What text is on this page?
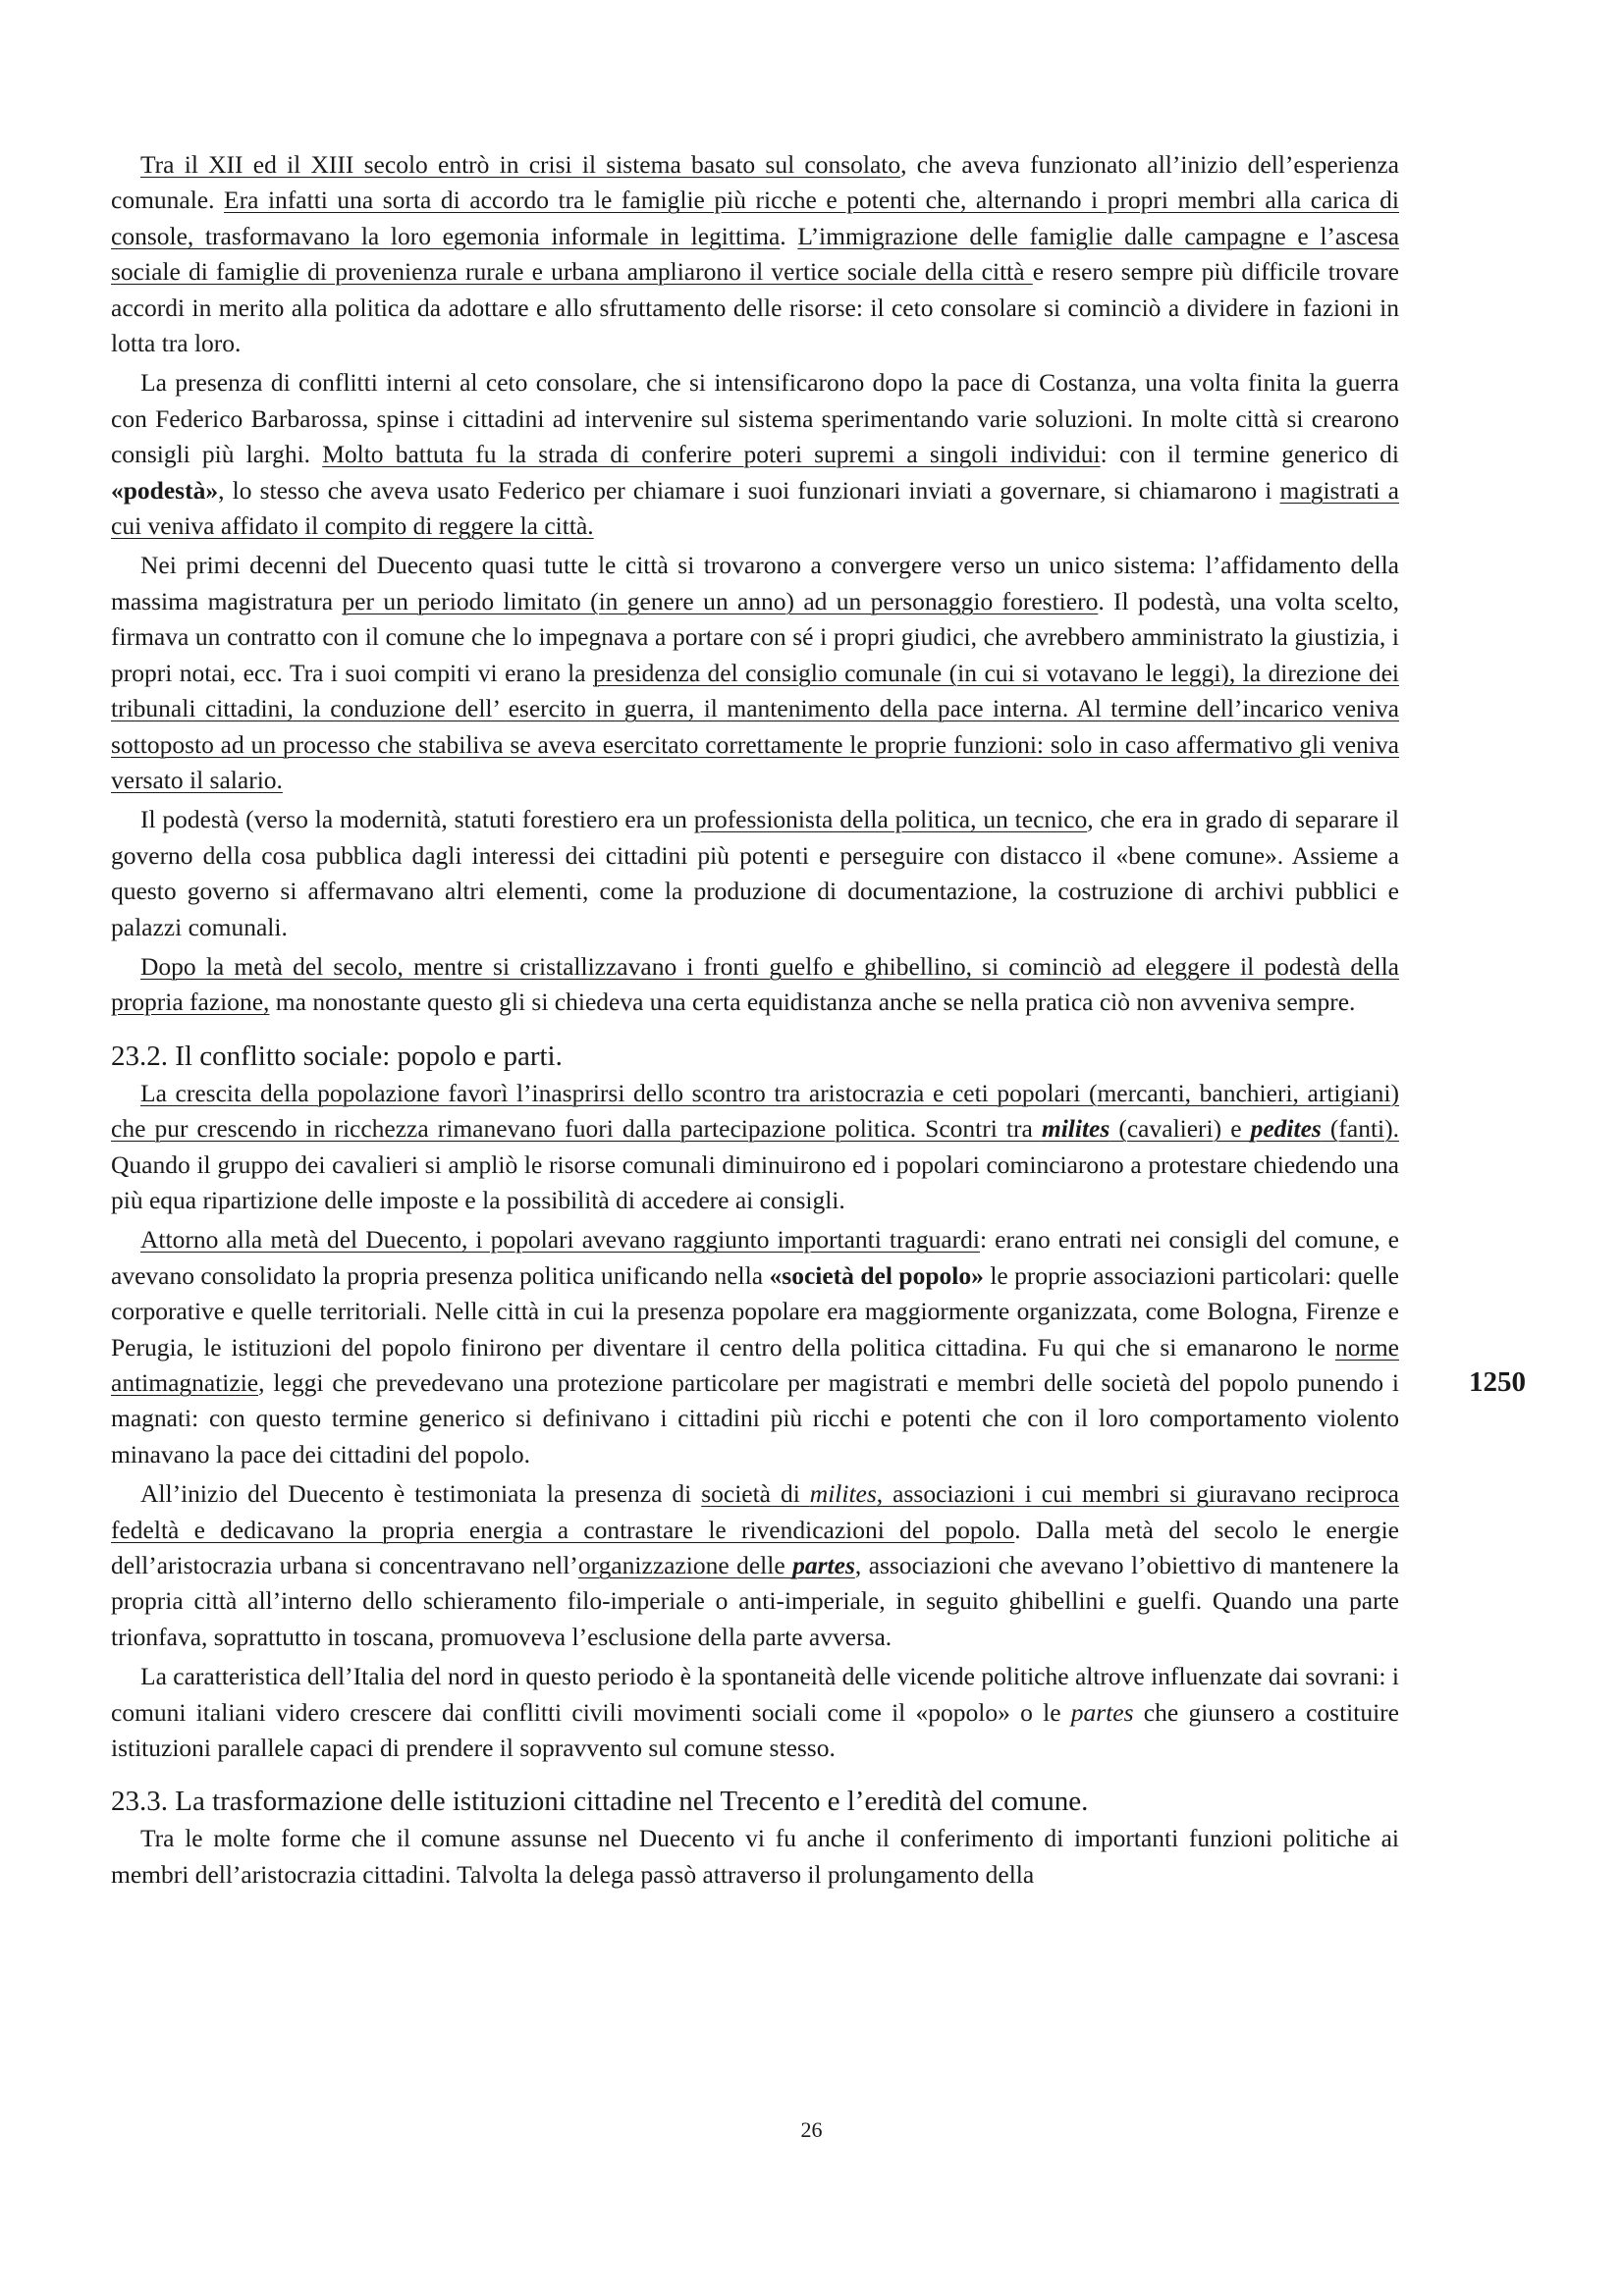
Tra il XII ed il XIII secolo entrò in crisi il sistema basato sul consolato, che aveva funzionato all’inizio dell’esperienza comunale. Era infatti una sorta di accordo tra le famiglie più ricche e potenti che, alternando i propri membri alla carica di console, trasformavano la loro egemonia informale in legittima. L’immigrazione delle famiglie dalle campagne e l’ascesa sociale di famiglie di provenienza rurale e urbana ampliarono il vertice sociale della città e resero sempre più difficile trovare accordi in merito alla politica da adottare e allo sfruttamento delle risorse: il ceto consolare si cominciò a dividere in fazioni in lotta tra loro.

La presenza di conflitti interni al ceto consolare, che si intensificarono dopo la pace di Costanza, una volta finita la guerra con Federico Barbarossa, spinse i cittadini ad intervenire sul sistema sperimentando varie soluzioni. In molte città si crearono consigli più larghi. Molto battuta fu la strada di conferire poteri supremi a singoli individui: con il termine generico di «podestà», lo stesso che aveva usato Federico per chiamare i suoi funzionari inviati a governare, si chiamarono i magistrati a cui veniva affidato il compito di reggere la città.

Nei primi decenni del Duecento quasi tutte le città si trovarono a convergere verso un unico sistema: l’affidamento della massima magistratura per un periodo limitato (in genere un anno) ad un personaggio forestiero. Il podestà, una volta scelto, firmava un contratto con il comune che lo impegnava a portare con sé i propri giudici, che avrebbero amministrato la giustizia, i propri notai, ecc. Tra i suoi compiti vi erano la presidenza del consiglio comunale (in cui si votavano le leggi), la direzione dei tribunali cittadini, la conduzione dell’ esercito in guerra, il mantenimento della pace interna. Al termine dell’incarico veniva sottoposto ad un processo che stabiliva se aveva esercitato correttamente le proprie funzioni: solo in caso affermativo gli veniva versato il salario.

Il podestà (verso la modernità, statuti forestiero era un professionista della politica, un tecnico, che era in grado di separare il governo della cosa pubblica dagli interessi dei cittadini più potenti e perseguire con distacco il «bene comune». Assieme a questo governo si affermavano altri elementi, come la produzione di documentazione, la costruzione di archivi pubblici e palazzi comunali.

Dopo la metà del secolo, mentre si cristallizzavano i fronti guelfo e ghibellino, si cominciò ad eleggere il podestà della propria fazione, ma nonostante questo gli si chiedeva una certa equidistanza anche se nella pratica ciò non avveniva sempre.

23.2. Il conflitto sociale: popolo e parti.

La crescita della popolazione favorì l’inasprirsi dello scontro tra aristocrazia e ceti popolari (mercanti, banchieri, artigiani) che pur crescendo in ricchezza rimanevano fuori dalla partecipazione politica. Scontri tra milites (cavalieri) e pedites (fanti). Quando il gruppo dei cavalieri si ampliò le risorse comunali diminuirono ed i popolari cominciarono a protestare chiedendo una più equa ripartizione delle imposte e la possibilità di accedere ai consigli.

Attorno alla metà del Duecento, i popolari avevano raggiunto importanti traguardi: erano entrati nei consigli del comune, e avevano consolidato la propria presenza politica unificando nella «società del popolo» le proprie associazioni particolari: quelle corporative e quelle territoriali. Nelle città in cui la presenza popolare era maggiormente organizzata, come Bologna, Firenze e Perugia, le istituzioni del popolo finirono per diventare il centro della politica cittadina. Fu qui che si emanarono le norme antimagnatizie, leggi che prevedevano una protezione particolare per magistrati e membri delle società del popolo punendo i magnati: con questo termine generico si definivano i cittadini più ricchi e potenti che con il loro comportamento violento minavano la pace dei cittadini del popolo.

All’inizio del Duecento è testimoniata la presenza di società di milites, associazioni i cui membri si giuravano reciproca fedeltà e dedicavano la propria energia a contrastare le rivendicazioni del popolo. Dalla metà del secolo le energie dell’aristocrazia urbana si concentravano nell’organizzazione delle partes, associazioni che avevano l’obiettivo di mantenere la propria città all’interno dello schieramento filo-imperiale o anti-imperiale, in seguito ghibellini e guelfi. Quando una parte trionfava, soprattutto in toscana, promuoveva l’esclusione della parte avversa.

La caratteristica dell’Italia del nord in questo periodo è la spontaneità delle vicende politiche altrove influenzate dai sovrani: i comuni italiani videro crescere dai conflitti civili movimenti sociali come il «popolo» o le partes che giunsero a costituire istituzioni parallele capaci di prendere il sopravvento sul comune stesso.

23.3. La trasformazione delle istituzioni cittadine nel Trecento e l’eredità del comune.

Tra le molte forme che il comune assunse nel Duecento vi fu anche il conferimento di importanti funzioni politiche ai membri dell’aristocrazia cittadini. Talvolta la delega passò attraverso il prolungamento della

1250
26
